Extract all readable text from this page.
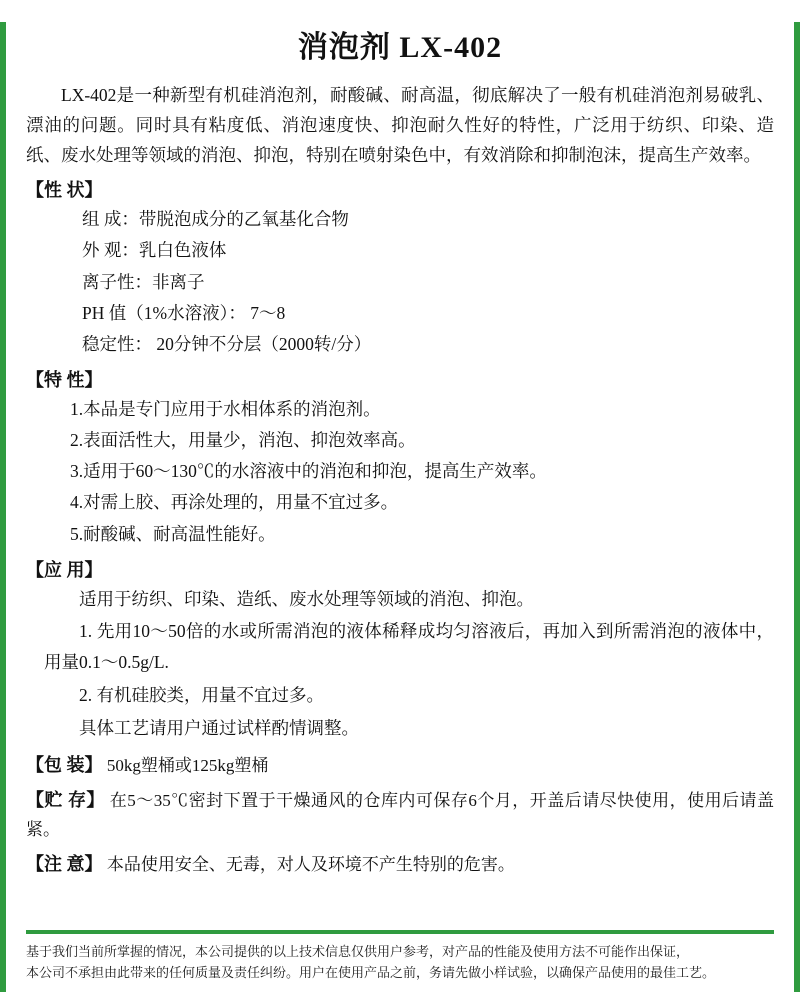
消泡剂 LX-402

LX-402是一种新型有机硅消泡剂，耐酸碱、耐高温，彻底解决了一般有机硅消泡剂易破乳、漂油的问题。同时具有粘度低、消泡速度快、抑泡耐久性好的特性，广泛用于纺织、印染、造纸、废水处理等领域的消泡、抑泡，特别在喷射染色中，有效消除和抑制泡沫，提高生产效率。

【性 状】
组 成：带脱泡成分的乙氧基化合物
外 观：乳白色液体
离子性：非离子
PH 值（1%水溶液）： 7～8
稳定性： 20分钟不分层（2000转/分）
【特 性】
1.本品是专门应用于水相体系的消泡剂。
2.表面活性大，用量少，消泡、抑泡效率高。
3.适用于60～130℃的水溶液中的消泡和抑泡，提高生产效率。
4.对需上胶、再涂处理的，用量不宜过多。
5.耐酸碱、耐高温性能好。
【应 用】

适用于纺织、印染、造纸、废水处理等领域的消泡、抑泡。

1. 先用10～50倍的水或所需消泡的液体稀释成均匀溶液后，再加入到所需消泡的液体中，用量0.1～0.5g/L.

2. 有机硅胶类，用量不宜过多。

具体工艺请用户通过试样酌情调整。

【包 装】 50kg塑桶或125kg塑桶

【贮 存】 在5～35℃密封下置于干燥通风的仓库内可保存6个月，开盖后请尽快使用，使用后请盖紧。

【注 意】 本品使用安全、无毒，对人及环境不产生特别的危害。

基于我们当前所掌握的情况，本公司提供的以上技术信息仅供用户参考，对产品的性能及使用方法不可能作出保证，
本公司不承担由此带来的任何质量及责任纠纷。用户在使用产品之前，务请先做小样试验，以确保产品使用的最佳工艺。
